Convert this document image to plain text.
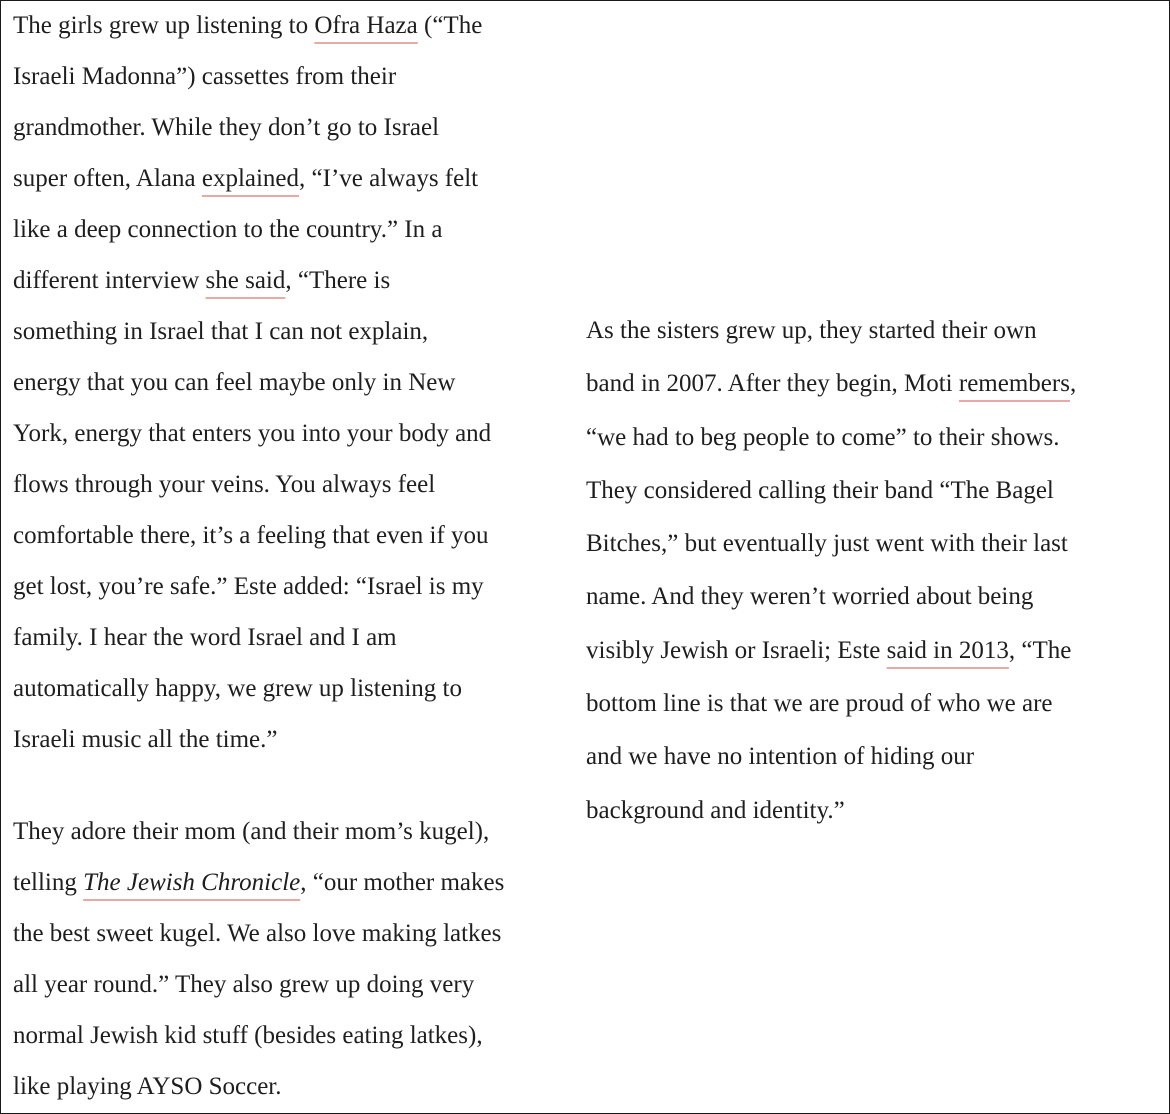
The girls grew up listening to Ofra Haza (“The
Israeli Madonna”) cassettes from their
grandmother. While they don’t go to Israel
super often, Alana explained, “I’ve always felt
like a deep connection to the country.” In a
different interview she said, “There is
something in Israel that I can not explain,
energy that you can feel maybe only in New
York, energy that enters you into your body and
flows through your veins. You always feel
comfortable there, it’s a feeling that even if you
get lost, you’re safe.” Este added: “Israel is my
family. I hear the word Israel and I am
automatically happy, we grew up listening to
Israeli music all the time.”
They adore their mom (and their mom’s kugel),
telling The Jewish Chronicle, “our mother makes
the best sweet kugel. We also love making latkes
all year round.” They also grew up doing very
normal Jewish kid stuff (besides eating latkes),
like playing AYSO Soccer.
As the sisters grew up, they started their own
band in 2007. After they begin, Moti remembers,
“we had to beg people to come” to their shows.
They considered calling their band “The Bagel
Bitches,” but eventually just went with their last
name. And they weren’t worried about being
visibly Jewish or Israeli; Este said in 2013, “The
bottom line is that we are proud of who we are
and we have no intention of hiding our
background and identity.”
